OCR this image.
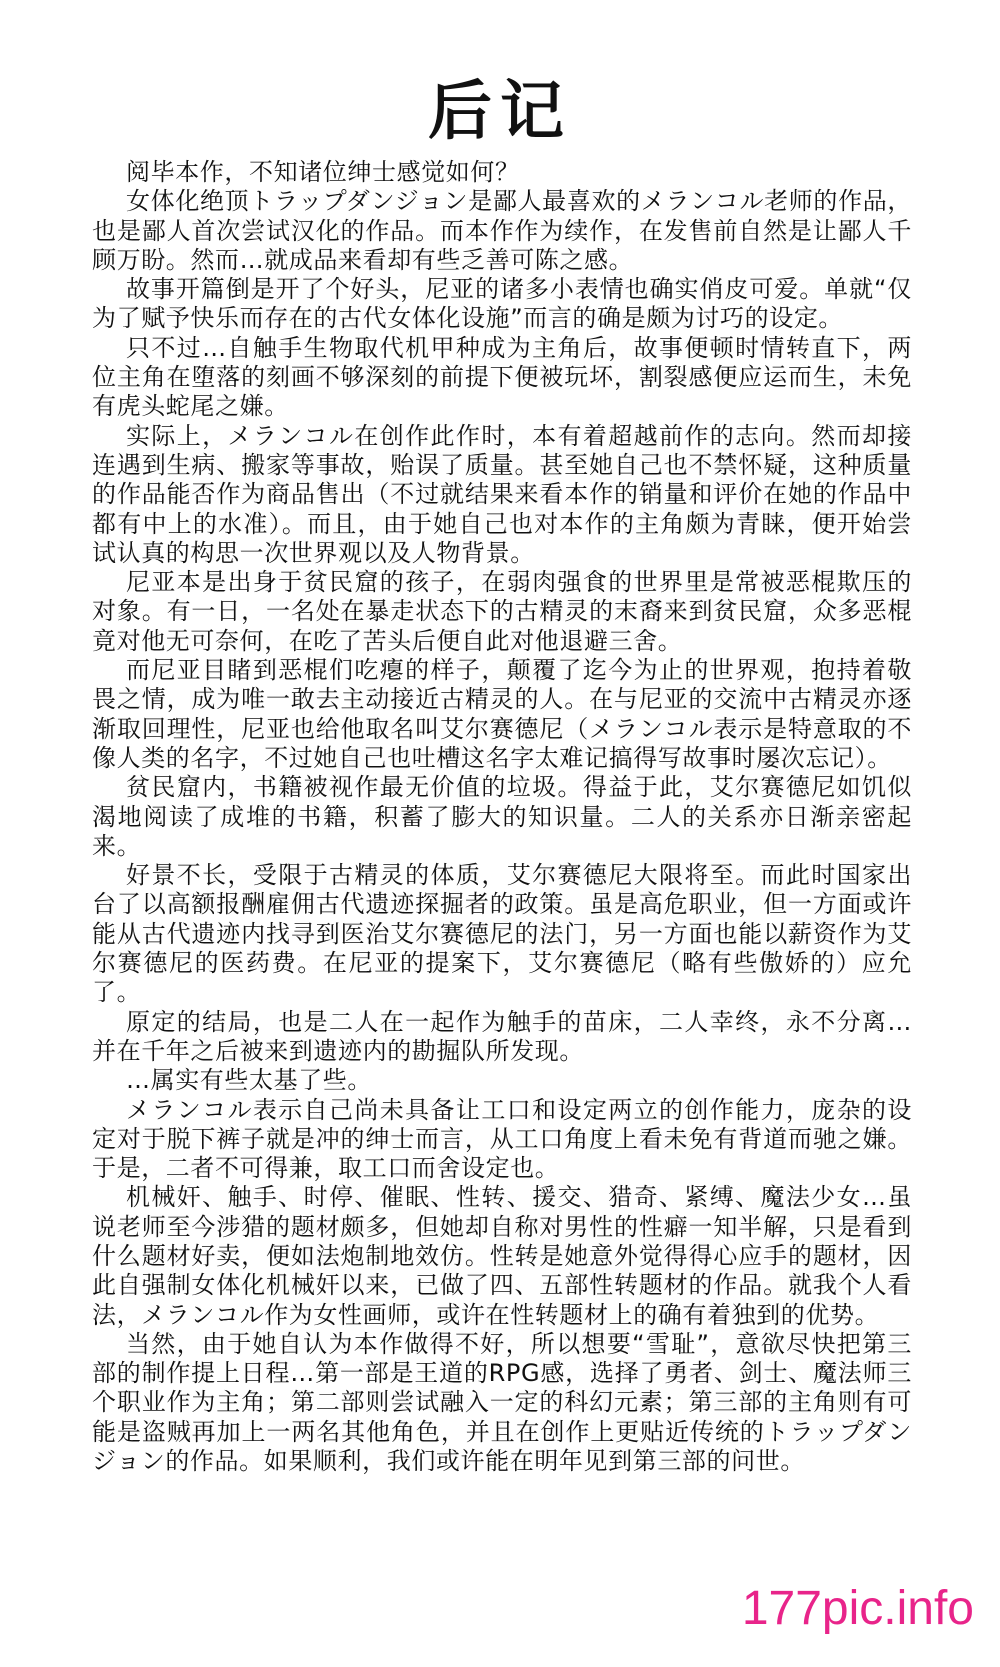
后记

阅毕本作，不知诸位绅士感觉如何？

女体化绝顶トラップダンジョン是鄙人最喜欢的メランコル老师的作品，也是鄙人首次尝试汉化的作品。而本作作为续作，在发售前自然是让鄙人千顾万盼。然而…就成品来看却有些乏善可陈之感。

故事开篇倒是开了个好头，尼亚的诸多小表情也确实俏皮可爱。单就“仅为了赋予快乐而存在的古代女体化设施”而言的确是颇为讨巧的设定。

只不过…自触手生物取代机甲种成为主角后，故事便顿时情转直下，两位主角在堕落的刻画不够深刻的前提下便被玩坏，割裂感便应运而生，未免有虎头蛇尾之嫌。

实际上，メランコル在创作此作时，本有着超越前作的志向。然而却接连遇到生病、搬家等事故，贻误了质量。甚至她自己也不禁怀疑，这种质量的作品能否作为商品售出（不过就结果来看本作的销量和评价在她的作品中都有中上的水准）。而且，由于她自己也对本作的主角颇为青睐，便开始尝试认真的构思一次世界观以及人物背景。

尼亚本是出身于贫民窟的孩子，在弱肉强食的世界里是常被恶棍欺压的对象。有一日，一名处在暴走状态下的古精灵的末裔来到贫民窟，众多恶棍竟对他无可奈何，在吃了苦头后便自此对他退避三舍。

而尼亚目睹到恶棍们吃瘪的样子，颠覆了迄今为止的世界观，抱持着敬畏之情，成为唯一敢去主动接近古精灵的人。在与尼亚的交流中古精灵亦逐渐取回理性，尼亚也给他取名叫艾尔赛德尼（メランコル表示是特意取的不像人类的名字，不过她自己也吐槽这名字太难记搞得写故事时屡次忘记）。

贫民窟内，书籍被视作最无价值的垃圾。得益于此，艾尔赛德尼如饥似渴地阅读了成堆的书籍，积蓄了膨大的知识量。二人的关系亦日渐亲密起来。

好景不长，受限于古精灵的体质，艾尔赛德尼大限将至。而此时国家出台了以高额报酬雇佣古代遗迹探掘者的政策。虽是高危职业，但一方面或许能从古代遗迹内找寻到医治艾尔赛德尼的法门，另一方面也能以薪资作为艾尔赛德尼的医药费。在尼亚的提案下，艾尔赛德尼（略有些傲娇的）应允了。

原定的结局，也是二人在一起作为触手的苗床，二人幸终，永不分离…并在千年之后被来到遗迹内的勘掘队所发现。

…属实有些太基了些。

メランコル表示自己尚未具备让工口和设定两立的创作能力，庞杂的设定对于脱下裤子就是冲的绅士而言，从工口角度上看未免有背道而驰之嫌。于是，二者不可得兼，取工口而舍设定也。

机械奸、触手、时停、催眠、性转、援交、猎奇、紧缚、魔法少女…虽说老师至今涉猎的题材颇多，但她却自称对男性的性癖一知半解，只是看到什么题材好卖，便如法炮制地效仿。性转是她意外觉得得心应手的题材，因此自强制女体化机械奸以来，已做了四、五部性转题材的作品。就我个人看法，メランコル作为女性画师，或许在性转题材上的确有着独到的优势。

当然，由于她自认为本作做得不好，所以想要“雪耻”，意欲尽快把第三部的制作提上日程…第一部是王道的RPG感，选择了勇者、剑士、魔法师三个职业作为主角；第二部则尝试融入一定的科幻元素；第三部的主角则有可能是盗贼再加上一两名其他角色，并且在创作上更贴近传统的トラップダンジョン的作品。如果顺利，我们或许能在明年见到第三部的问世。

177pic.info
